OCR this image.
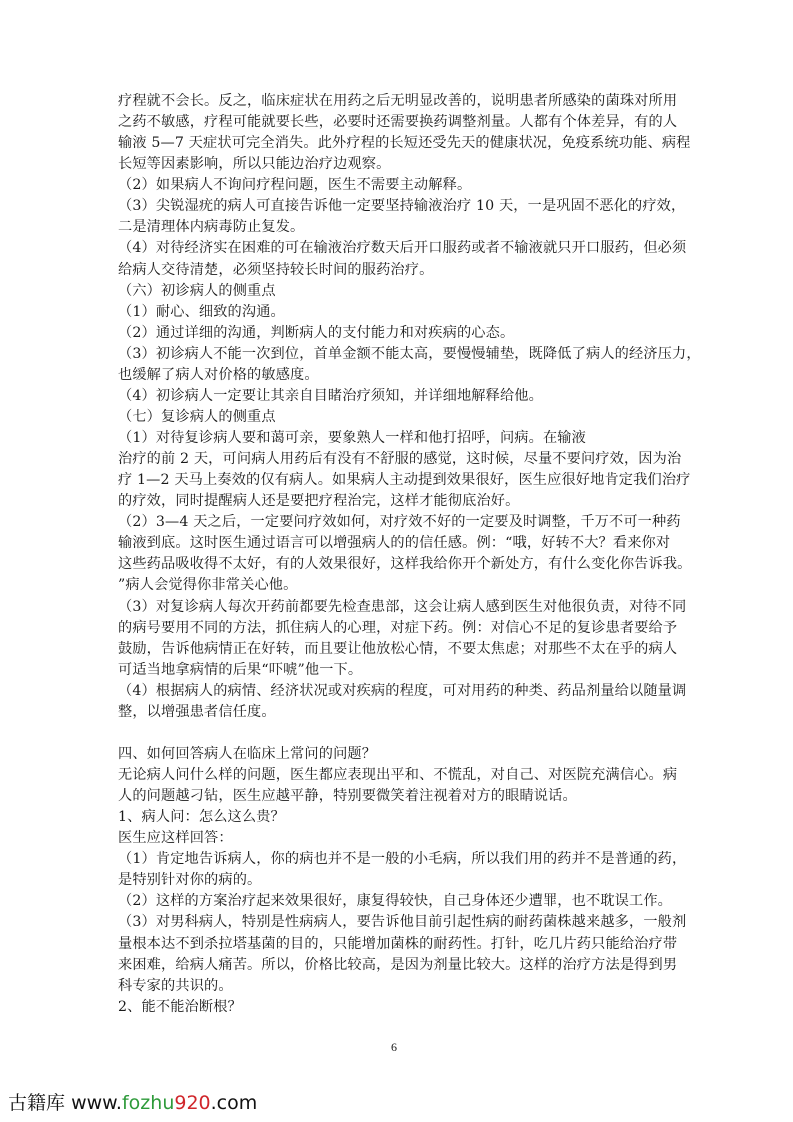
疗程就不会长。反之，临床症状在用药之后无明显改善的，说明患者所感染的菌珠对所用
之药不敏感，疗程可能就要长些，必要时还需要换药调整剂量。人都有个体差异，有的人
输液 5—7 天症状可完全消失。此外疗程的长短还受先天的健康状况，免疫系统功能、病程
长短等因素影响，所以只能边治疗边观察。
（2）如果病人不询问疗程问题，医生不需要主动解释。
（3）尖锐湿疣的病人可直接告诉他一定要坚持输液治疗 10 天，一是巩固不恶化的疗效，
二是清理体内病毒防止复发。
（4）对待经济实在困难的可在输液治疗数天后开口服药或者不输液就只开口服药，但必须
给病人交待清楚，必须坚持较长时间的服药治疗。
（六）初诊病人的侧重点
（1）耐心、细致的沟通。
（2）通过详细的沟通，判断病人的支付能力和对疾病的心态。
（3）初诊病人不能一次到位，首单金额不能太高，要慢慢辅垫，既降低了病人的经济压力，
也缓解了病人对价格的敏感度。
（4）初诊病人一定要让其亲自目睹治疗须知，并详细地解释给他。
（七）复诊病人的侧重点
（1）对待复诊病人要和蔼可亲，要象熟人一样和他打招呼，问病。在输液
治疗的前 2 天，可问病人用药后有没有不舒服的感觉，这时候，尽量不要问疗效，因为治
疗 1—2 天马上奏效的仅有病人。如果病人主动提到效果很好，医生应很好地肯定我们治疗
的疗效，同时提醒病人还是要把疗程治完，这样才能彻底治好。
（2）3—4 天之后，一定要问疗效如何，对疗效不好的一定要及时调整，千万不可一种药
输液到底。这时医生通过语言可以增强病人的的信任感。例：“哦，好转不大？看来你对
这些药品吸收得不太好，有的人效果很好，这样我给你开个新处方，有什么变化你告诉我。
”病人会觉得你非常关心他。
（3）对复诊病人每次开药前都要先检查患部，这会让病人感到医生对他很负责，对待不同
的病号要用不同的方法，抓住病人的心理，对症下药。例：对信心不足的复诊患者要给予
鼓励，告诉他病情正在好转，而且要让他放松心情，不要太焦虑；对那些不太在乎的病人
可适当地拿病情的后果“吓唬”他一下。
（4）根据病人的病情、经济状况或对疾病的程度，可对用药的种类、药品剂量给以随量调
整，以增强患者信任度。
四、如何回答病人在临床上常问的问题？
无论病人问什么样的问题，医生都应表现出平和、不慌乱，对自己、对医院充满信心。病
人的问题越刁钻，医生应越平静，特别要微笑着注视着对方的眼睛说话。
1、病人问：怎么这么贵？
医生应这样回答：
（1）肯定地告诉病人，你的病也并不是一般的小毛病，所以我们用的药并不是普通的药，
是特别针对你的病的。
（2）这样的方案治疗起来效果很好，康复得较快，自己身体还少遭罪，也不耽误工作。
（3）对男科病人，特别是性病病人，要告诉他目前引起性病的耐药菌株越来越多，一般剂
量根本达不到杀拉塔基菌的目的，只能增加菌株的耐药性。打针，吃几片药只能给治疗带
来困难，给病人痛苦。所以，价格比较高，是因为剂量比较大。这样的治疗方法是得到男
科专家的共识的。
2、能不能治断根？
6
古籍库 www.fozhu920.com
